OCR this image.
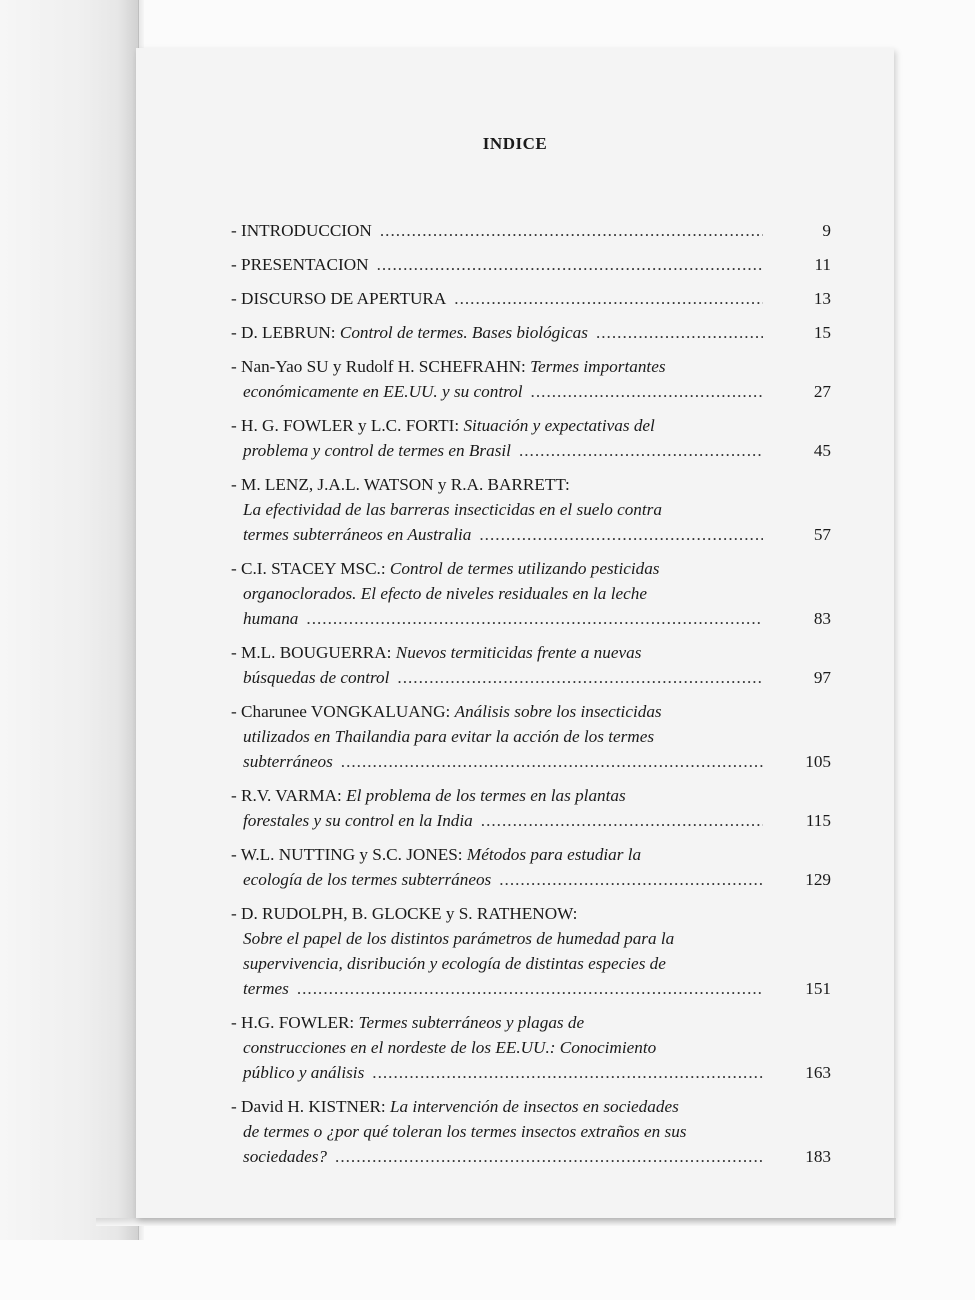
INDICE
- INTRODUCCION .....	9
- PRESENTACION .....	11
- DISCURSO DE APERTURA .....	13
- D. LEBRUN: Control de termes. Bases biológicas .....	15
- Nan-Yao SU y Rudolf H. SCHEFRAHN: Termes importantes
económicamente en EE.UU. y su control .....	27
- H. G. FOWLER y L.C. FORTI: Situación y expectativas del
problema y control de termes en Brasil .....	45
- M. LENZ, J.A.L. WATSON y R.A. BARRETT:
La efectividad de las barreras insecticidas en el suelo contra
termes subterráneos en Australia .....	57
- C.I. STACEY MSC.: Control de termes utilizando pesticidas
organoclorados. El efecto de niveles residuales en la leche
humana .....	83
- M.L. BOUGUERRA: Nuevos termiticidas frente a nuevas
búsquedas de control .....	97
- Charunee VONGKALUANG: Análisis sobre los insecticidas
utilizados en Thailandia para evitar la acción de los termes
subterráneos .....	105
- R.V. VARMA: El problema de los termes en las plantas
forestales y su control en la India .....	115
- W.L. NUTTING y S.C. JONES: Métodos para estudiar la
ecología de los termes subterráneos .....	129
- D. RUDOLPH, B. GLOCKE y S. RATHENOW:
Sobre el papel de los distintos parámetros de humedad para la
supervivencia, disribución y ecología de distintas especies de
termes .....	151
- H.G. FOWLER: Termes subterráneos y plagas de
construcciones en el nordeste de los EE.UU.: Conocimiento
público y análisis .....	163
- David H. KISTNER: La intervención de insectos en sociedades
de termes o ¿por qué toleran los termes insectos extraños en sus
sociedades? .....	183
